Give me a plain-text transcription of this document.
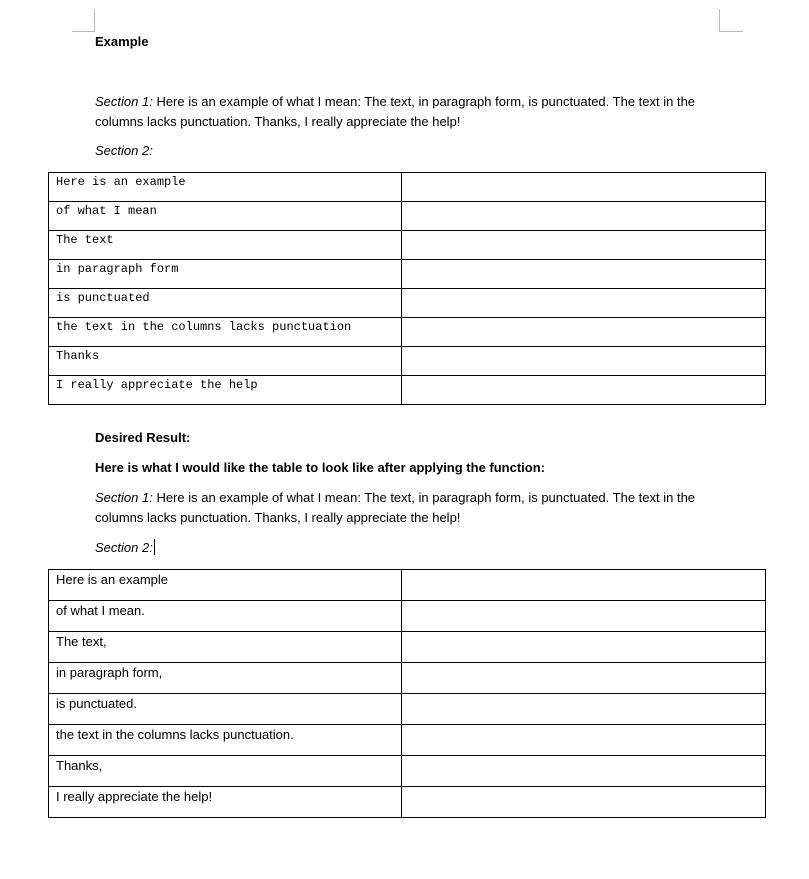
Example
Section 1: Here is an example of what I mean: The text, in paragraph form, is punctuated. The text in the
columns lacks punctuation. Thanks, I really appreciate the help!
Section 2:
Here is an example	
of what I mean	
The text	
in paragraph form	
is punctuated	
the text in the columns lacks punctuation	
Thanks	
I really appreciate the help	
Desired Result:
Here is what I would like the table to look like after applying the function:
Section 1: Here is an example of what I mean: The text, in paragraph form, is punctuated. The text in the
columns lacks punctuation. Thanks, I really appreciate the help!
Section 2:
Here is an example	
of what I mean.	
The text,	
in paragraph form,	
is punctuated.	
the text in the columns lacks punctuation.	
Thanks,	
I really appreciate the help!	
